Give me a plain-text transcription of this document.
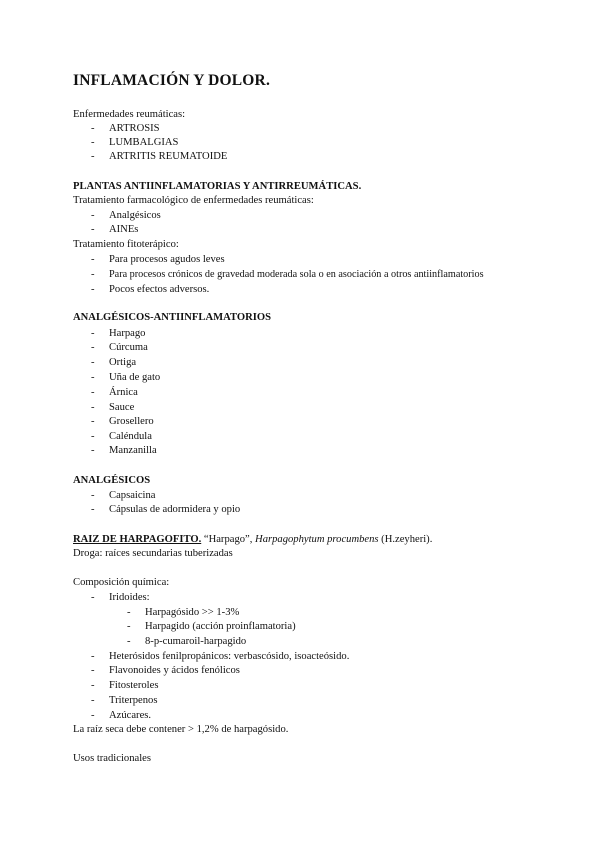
INFLAMACIÓN Y DOLOR.
Enfermedades reumáticas:
- ARTROSIS
- LUMBALGIAS
- ARTRITIS REUMATOIDE
PLANTAS ANTIINFLAMATORIAS Y ANTIRREUMÁTICAS.
Tratamiento farmacológico de enfermedades reumáticas:
- Analgésicos
- AINEs
Tratamiento fitoterápico:
- Para procesos agudos leves
- Para procesos crónicos de gravedad moderada sola o en asociación a otros antiinflamatorios
- Pocos efectos adversos.
ANALGÉSICOS-ANTIINFLAMATORIOS
- Harpago
- Cúrcuma
- Ortiga
- Uña de gato
- Árnica
- Sauce
- Grosellero
- Caléndula
- Manzanilla
ANALGÉSICOS
- Capsaicina
- Cápsulas de adormidera y opio
RAIZ DE HARPAGOFITO. “Harpago”, Harpagophytum procumbens (H.zeyheri).
Droga: raíces secundarias tuberizadas
Composición química:
- Iridoides:
- Harpagósido >> 1-3%
- Harpagido (acción proinflamatoria)
- 8-p-cumaroil-harpagido
- Heterósidos fenilpropánicos: verbascósido, isoacteósido.
- Flavonoides y ácidos fenólicos
- Fitosteroles
- Triterpenos
- Azúcares.
La raíz seca debe contener > 1,2% de harpagósido.
Usos tradicionales
